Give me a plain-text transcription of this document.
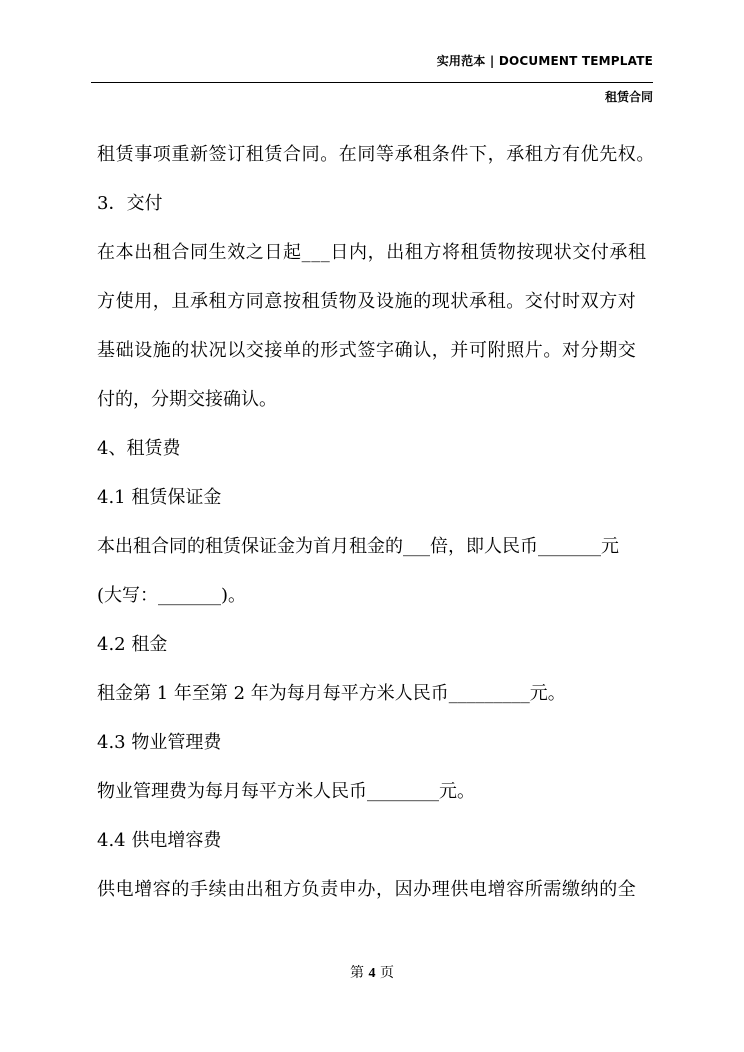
实用范本 | DOCUMENT TEMPLATE
租赁合同
租赁事项重新签订租赁合同。在同等承租条件下，承租方有优先权。
3．交付
在本出租合同生效之日起___日内，出租方将租赁物按现状交付承租
方使用，且承租方同意按租赁物及设施的现状承租。交付时双方对
基础设施的状况以交接单的形式签字确认，并可附照片。对分期交
付的，分期交接确认。
4、租赁费
4.1 租赁保证金
本出租合同的租赁保证金为首月租金的___倍，即人民币_______元
(大写：_______)。
4.2 租金
租金第 1 年至第 2 年为每月每平方米人民币_________元。
4.3 物业管理费
物业管理费为每月每平方米人民币________元。
4.4 供电增容费
供电增容的手续由出租方负责申办，因办理供电增容所需缴纳的全
第 4 页
